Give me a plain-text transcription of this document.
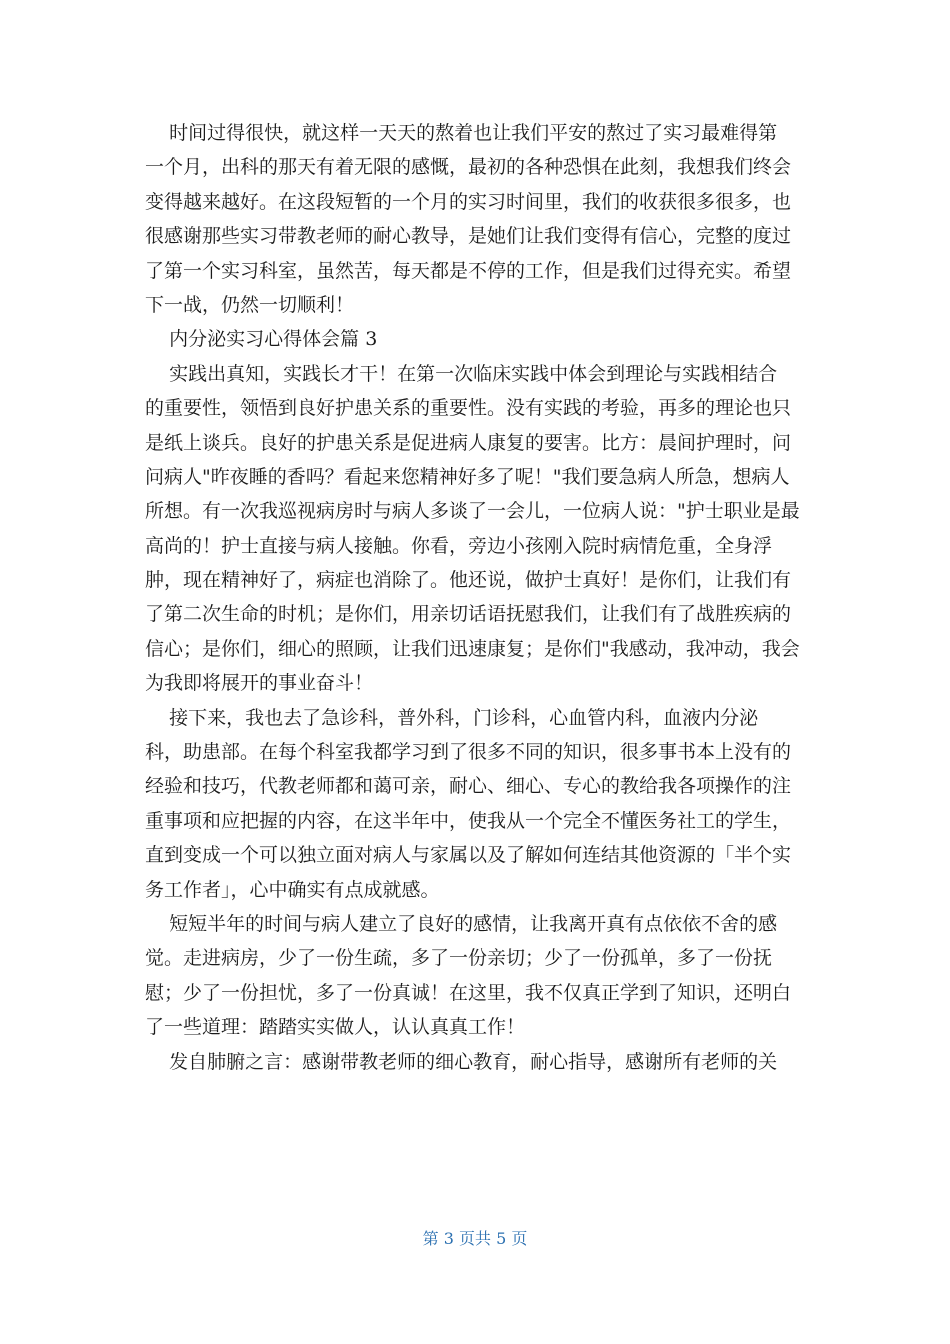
时间过得很快，就这样一天天的熬着也让我们平安的熬过了实习最难得第
一个月，出科的那天有着无限的感慨，最初的各种恐惧在此刻，我想我们终会
变得越来越好。在这段短暂的一个月的实习时间里，我们的收获很多很多，也
很感谢那些实习带教老师的耐心教导，是她们让我们变得有信心，完整的度过
了第一个实习科室，虽然苦，每天都是不停的工作，但是我们过得充实。希望
下一战，仍然一切顺利！
内分泌实习心得体会篇 3
实践出真知，实践长才干！在第一次临床实践中体会到理论与实践相结合
的重要性，领悟到良好护患关系的重要性。没有实践的考验，再多的理论也只
是纸上谈兵。良好的护患关系是促进病人康复的要害。比方：晨间护理时，问
问病人"昨夜睡的香吗？看起来您精神好多了呢！"我们要急病人所急，想病人
所想。有一次我巡视病房时与病人多谈了一会儿，一位病人说："护士职业是最
高尚的！护士直接与病人接触。你看，旁边小孩刚入院时病情危重，全身浮
肿，现在精神好了，病症也消除了。他还说，做护士真好！是你们，让我们有
了第二次生命的时机；是你们，用亲切话语抚慰我们，让我们有了战胜疾病的
信心；是你们，细心的照顾，让我们迅速康复；是你们"我感动，我冲动，我会
为我即将展开的事业奋斗！
接下来，我也去了急诊科，普外科，门诊科，心血管内科，血液内分泌
科，助患部。在每个科室我都学习到了很多不同的知识，很多事书本上没有的
经验和技巧，代教老师都和蔼可亲，耐心、细心、专心的教给我各项操作的注
重事项和应把握的内容，在这半年中，使我从一个完全不懂医务社工的学生，
直到变成一个可以独立面对病人与家属以及了解如何连结其他资源的「半个实
务工作者」，心中确实有点成就感。
短短半年的时间与病人建立了良好的感情，让我离开真有点依依不舍的感
觉。走进病房，少了一份生疏，多了一份亲切；少了一份孤单，多了一份抚
慰；少了一份担忧，多了一份真诚！在这里，我不仅真正学到了知识，还明白
了一些道理：踏踏实实做人，认认真真工作！
发自肺腑之言：感谢带教老师的细心教育，耐心指导，感谢所有老师的关
第 3 页共 5 页
